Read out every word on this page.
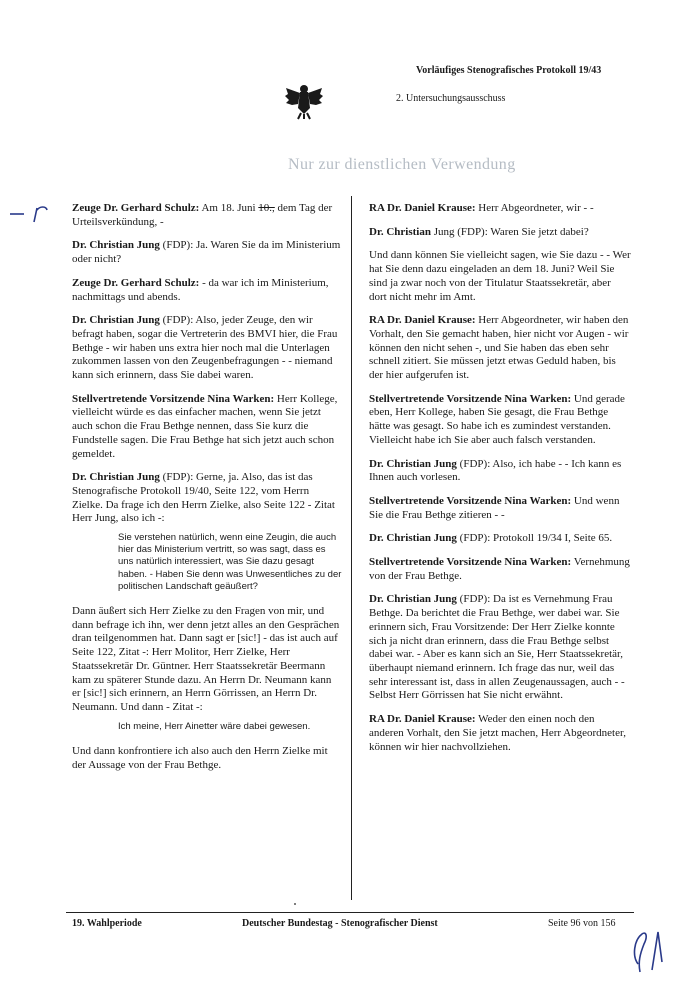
Vorläufiges Stenografisches Protokoll 19/43
2. Untersuchungsausschuss
Nur zur dienstlichen Verwendung

Zeuge Dr. Gerhard Schulz: Am 18. Juni 10., dem Tag der Urteilsverkündung, -

Dr. Christian Jung (FDP): Ja. Waren Sie da im Ministerium oder nicht?

Zeuge Dr. Gerhard Schulz: - da war ich im Ministerium, nachmittags und abends.

Dr. Christian Jung (FDP): Also, jeder Zeuge, den wir befragt haben, sogar die Vertreterin des BMVI hier, die Frau Bethge - wir haben uns extra hier noch mal die Unterlagen zukommen lassen von den Zeugenbefragungen - - niemand kann sich erinnern, dass Sie dabei waren.

Stellvertretende Vorsitzende Nina Warken: Herr Kollege, vielleicht würde es das einfacher machen, wenn Sie jetzt auch schon die Frau Bethge nennen, dass Sie kurz die Fundstelle sagen. Die Frau Bethge hat sich jetzt auch schon gemeldet.

Dr. Christian Jung (FDP): Gerne, ja. Also, das ist das Stenografische Protokoll 19/40, Seite 122, vom Herrn Zielke. Da frage ich den Herrn Zielke, also Seite 122 - Zitat Herr Jung, also ich -:

Sie verstehen natürlich, wenn eine Zeugin, die auch hier das Ministerium vertritt, so was sagt, dass es uns natürlich interessiert, was Sie dazu gesagt haben. - Haben Sie denn was Unwesentliches zu der politischen Landschaft geäußert?

Dann äußert sich Herr Zielke zu den Fragen von mir, und dann befrage ich ihn, wer denn jetzt alles an den Gesprächen dran teilgenommen hat. Dann sagt er [sic!] - das ist auch auf Seite 122, Zitat -: Herr Molitor, Herr Zielke, Herr Staatssekretär Dr. Güntner. Herr Staatssekretär Beermann kam zu späterer Stunde dazu. An Herrn Dr. Neumann kann er [sic!] sich erinnern, an Herrn Görrissen, an Herrn Dr. Neumann. Und dann - Zitat -:

Ich meine, Herr Ainetter wäre dabei gewesen.

Und dann konfrontiere ich also auch den Herrn Zielke mit der Aussage von der Frau Bethge.

RA Dr. Daniel Krause: Herr Abgeordneter, wir - -

Dr. Christian Jung (FDP): Waren Sie jetzt dabei?

Und dann können Sie vielleicht sagen, wie Sie dazu - - Wer hat Sie denn dazu eingeladen an dem 18. Juni? Weil Sie sind ja zwar noch von der Titulatur Staatssekretär, aber dort nicht mehr im Amt.

RA Dr. Daniel Krause: Herr Abgeordneter, wir haben den Vorhalt, den Sie gemacht haben, hier nicht vor Augen - wir können den nicht sehen -, und Sie haben das eben sehr schnell zitiert. Sie müssen jetzt etwas Geduld haben, bis der hier aufgerufen ist.

Stellvertretende Vorsitzende Nina Warken: Und gerade eben, Herr Kollege, haben Sie gesagt, die Frau Bethge hätte was gesagt. So habe ich es zumindest verstanden. Vielleicht habe ich Sie aber auch falsch verstanden.

Dr. Christian Jung (FDP): Also, ich habe - - Ich kann es Ihnen auch vorlesen.

Stellvertretende Vorsitzende Nina Warken: Und wenn Sie die Frau Bethge zitieren - -

Dr. Christian Jung (FDP): Protokoll 19/34 I, Seite 65.

Stellvertretende Vorsitzende Nina Warken: Vernehmung von der Frau Bethge.

Dr. Christian Jung (FDP): Da ist es Vernehmung Frau Bethge. Da berichtet die Frau Bethge, wer dabei war. Sie erinnern sich, Frau Vorsitzende: Der Herr Zielke konnte sich ja nicht dran erinnern, dass die Frau Bethge selbst dabei war. - Aber es kann sich an Sie, Herr Staatssekretär, überhaupt niemand erinnern. Ich frage das nur, weil das sehr interessant ist, dass in allen Zeugenaussagen, auch - - Selbst Herr Görrissen hat Sie nicht erwähnt.

RA Dr. Daniel Krause: Weder den einen noch den anderen Vorhalt, den Sie jetzt machen, Herr Abgeordneter, können wir hier nachvollziehen.

19. Wahlperiode	Deutscher Bundestag - Stenografischer Dienst	Seite 96 von 156
